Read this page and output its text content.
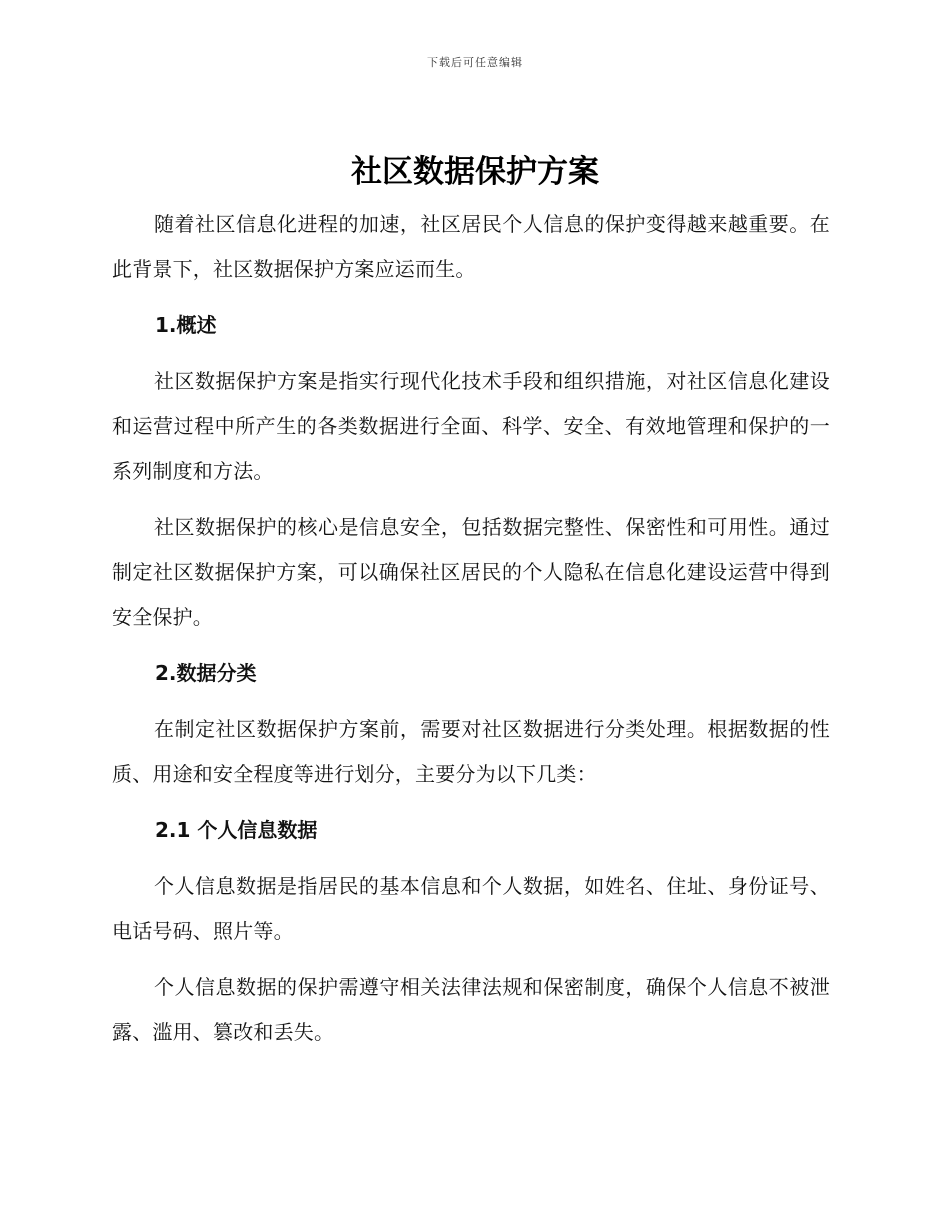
下载后可任意编辑
社区数据保护方案

随着社区信息化进程的加速，社区居民个人信息的保护变得越来越重要。在此背景下，社区数据保护方案应运而生。

1.概述

社区数据保护方案是指实行现代化技术手段和组织措施，对社区信息化建设和运营过程中所产生的各类数据进行全面、科学、安全、有效地管理和保护的一系列制度和方法。

社区数据保护的核心是信息安全，包括数据完整性、保密性和可用性。通过制定社区数据保护方案，可以确保社区居民的个人隐私在信息化建设运营中得到安全保护。

2.数据分类

在制定社区数据保护方案前，需要对社区数据进行分类处理。根据数据的性质、用途和安全程度等进行划分，主要分为以下几类：

2.1 个人信息数据

个人信息数据是指居民的基本信息和个人数据，如姓名、住址、身份证号、电话号码、照片等。

个人信息数据的保护需遵守相关法律法规和保密制度，确保个人信息不被泄露、滥用、篡改和丢失。
